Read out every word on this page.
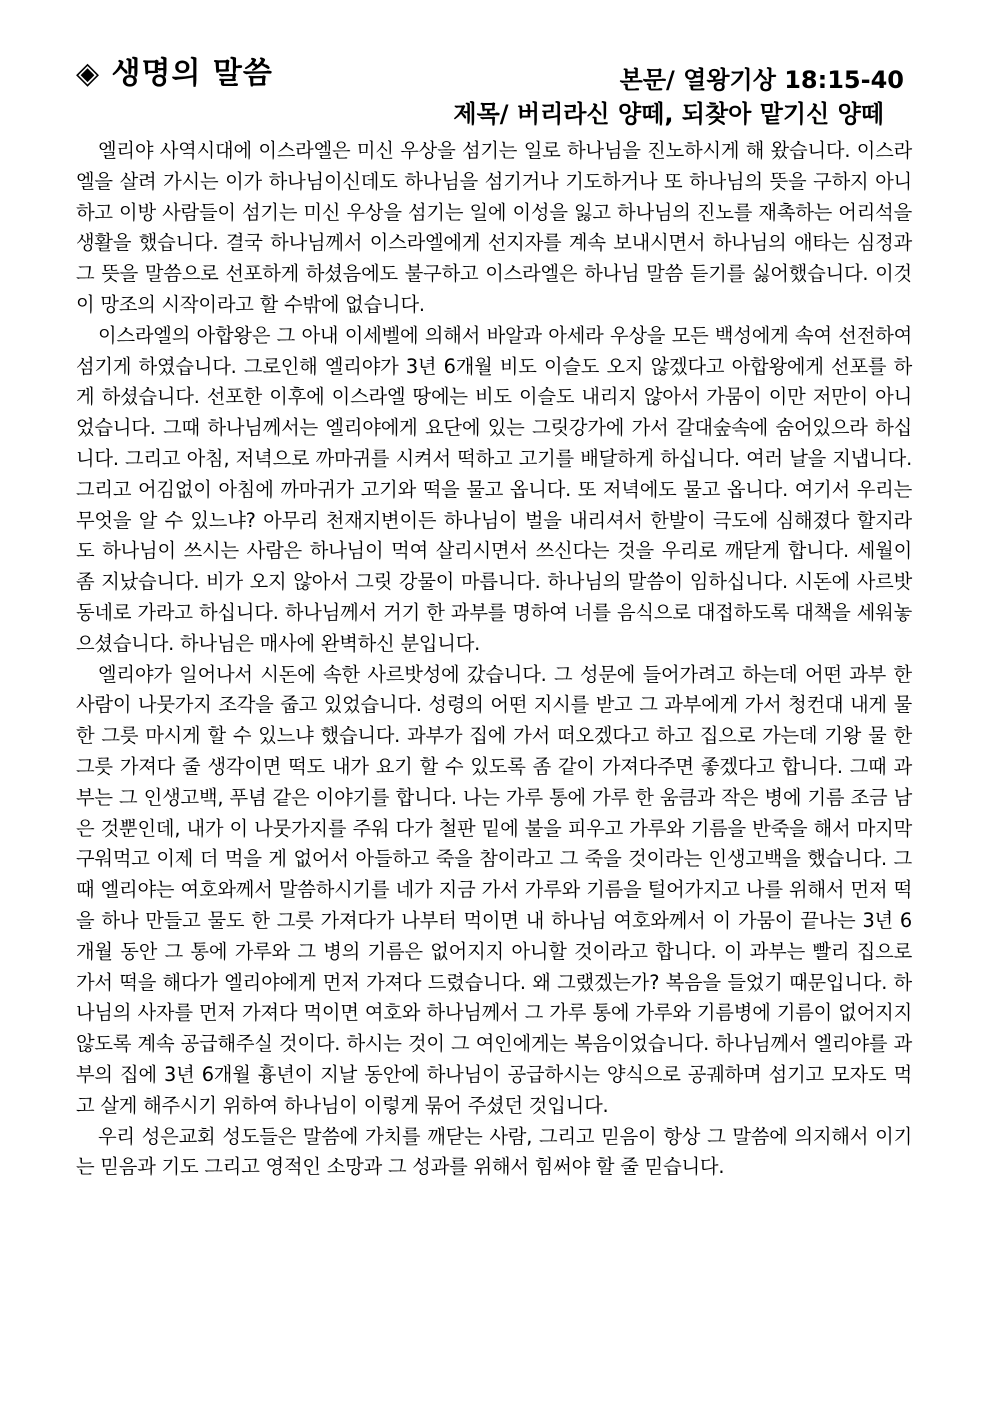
◈ 생명의 말씀	본문/ 열왕기상 18:15-40
제목/ 버리라신 양떼, 되찾아 맡기신 양떼

엘리야 사역시대에 이스라엘은 미신 우상을 섬기는 일로 하나님을 진노하시게 해 왔습니다. 이스라엘을 살려 가시는 이가 하나님이신데도 하나님을 섬기거나 기도하거나 또 하나님의 뜻을 구하지 아니하고 이방 사람들이 섬기는 미신 우상을 섬기는 일에 이성을 잃고 하나님의 진노를 재촉하는 어리석을 생활을 했습니다. 결국 하나님께서 이스라엘에게 선지자를 계속 보내시면서 하나님의 애타는 심정과 그 뜻을 말씀으로 선포하게 하셨음에도 불구하고 이스라엘은 하나님 말씀 듣기를 싫어했습니다. 이것이 망조의 시작이라고 할 수밖에 없습니다.

이스라엘의 아합왕은 그 아내 이세벨에 의해서 바알과 아세라 우상을 모든 백성에게 속여 선전하여 섬기게 하였습니다. 그로인해 엘리야가 3년 6개월 비도 이슬도 오지 않겠다고 아합왕에게 선포를 하게 하셨습니다. 선포한 이후에 이스라엘 땅에는 비도 이슬도 내리지 않아서 가뭄이 이만 저만이 아니었습니다. 그때 하나님께서는 엘리야에게 요단에 있는 그릿강가에 가서 갈대숲속에 숨어있으라 하십니다. 그리고 아침, 저녁으로 까마귀를 시켜서 떡하고 고기를 배달하게 하십니다. 여러 날을 지냅니다. 그리고 어김없이 아침에 까마귀가 고기와 떡을 물고 옵니다. 또 저녁에도 물고 옵니다. 여기서 우리는 무엇을 알 수 있느냐? 아무리 천재지변이든 하나님이 벌을 내리셔서 한발이 극도에 심해졌다 할지라도 하나님이 쓰시는 사람은 하나님이 먹여 살리시면서 쓰신다는 것을 우리로 깨닫게 합니다. 세월이 좀 지났습니다. 비가 오지 않아서 그릿 강물이 마릅니다. 하나님의 말씀이 임하십니다. 시돈에 사르밧 동네로 가라고 하십니다. 하나님께서 거기 한 과부를 명하여 너를 음식으로 대접하도록 대책을 세워놓으셨습니다. 하나님은 매사에 완벽하신 분입니다.

엘리야가 일어나서 시돈에 속한 사르밧성에 갔습니다. 그 성문에 들어가려고 하는데 어떤 과부 한사람이 나뭇가지 조각을 줍고 있었습니다. 성령의 어떤 지시를 받고 그 과부에게 가서 청컨대 내게 물 한 그릇 마시게 할 수 있느냐 했습니다. 과부가 집에 가서 떠오겠다고 하고 집으로 가는데 기왕 물 한 그릇 가져다 줄 생각이면 떡도 내가 요기 할 수 있도록 좀 같이 가져다주면 좋겠다고 합니다. 그때 과부는 그 인생고백, 푸념 같은 이야기를 합니다. 나는 가루 통에 가루 한 움큼과 작은 병에 기름 조금 남은 것뿐인데, 내가 이 나뭇가지를 주워 다가 철판 밑에 불을 피우고 가루와 기름을 반죽을 해서 마지막 구워먹고 이제 더 먹을 게 없어서 아들하고 죽을 참이라고 그 죽을 것이라는 인생고백을 했습니다. 그때 엘리야는 여호와께서 말씀하시기를 네가 지금 가서 가루와 기름을 털어가지고 나를 위해서 먼저 떡을 하나 만들고 물도 한 그릇 가져다가 나부터 먹이면 내 하나님 여호와께서 이 가뭄이 끝나는 3년 6개월 동안 그 통에 가루와 그 병의 기름은 없어지지 아니할 것이라고 합니다. 이 과부는 빨리 집으로 가서 떡을 해다가 엘리야에게 먼저 가져다 드렸습니다. 왜 그랬겠는가? 복음을 들었기 때문입니다. 하나님의 사자를 먼저 가져다 먹이면 여호와 하나님께서 그 가루 통에 가루와 기름병에 기름이 없어지지 않도록 계속 공급해주실 것이다. 하시는 것이 그 여인에게는 복음이었습니다. 하나님께서 엘리야를 과부의 집에 3년 6개월 흉년이 지날 동안에 하나님이 공급하시는 양식으로 공궤하며 섬기고 모자도 먹고 살게 해주시기 위하여 하나님이 이렇게 묶어 주셨던 것입니다.

우리 성은교회 성도들은 말씀에 가치를 깨닫는 사람, 그리고 믿음이 항상 그 말씀에 의지해서 이기는 믿음과 기도 그리고 영적인 소망과 그 성과를 위해서 힘써야 할 줄 믿습니다.
